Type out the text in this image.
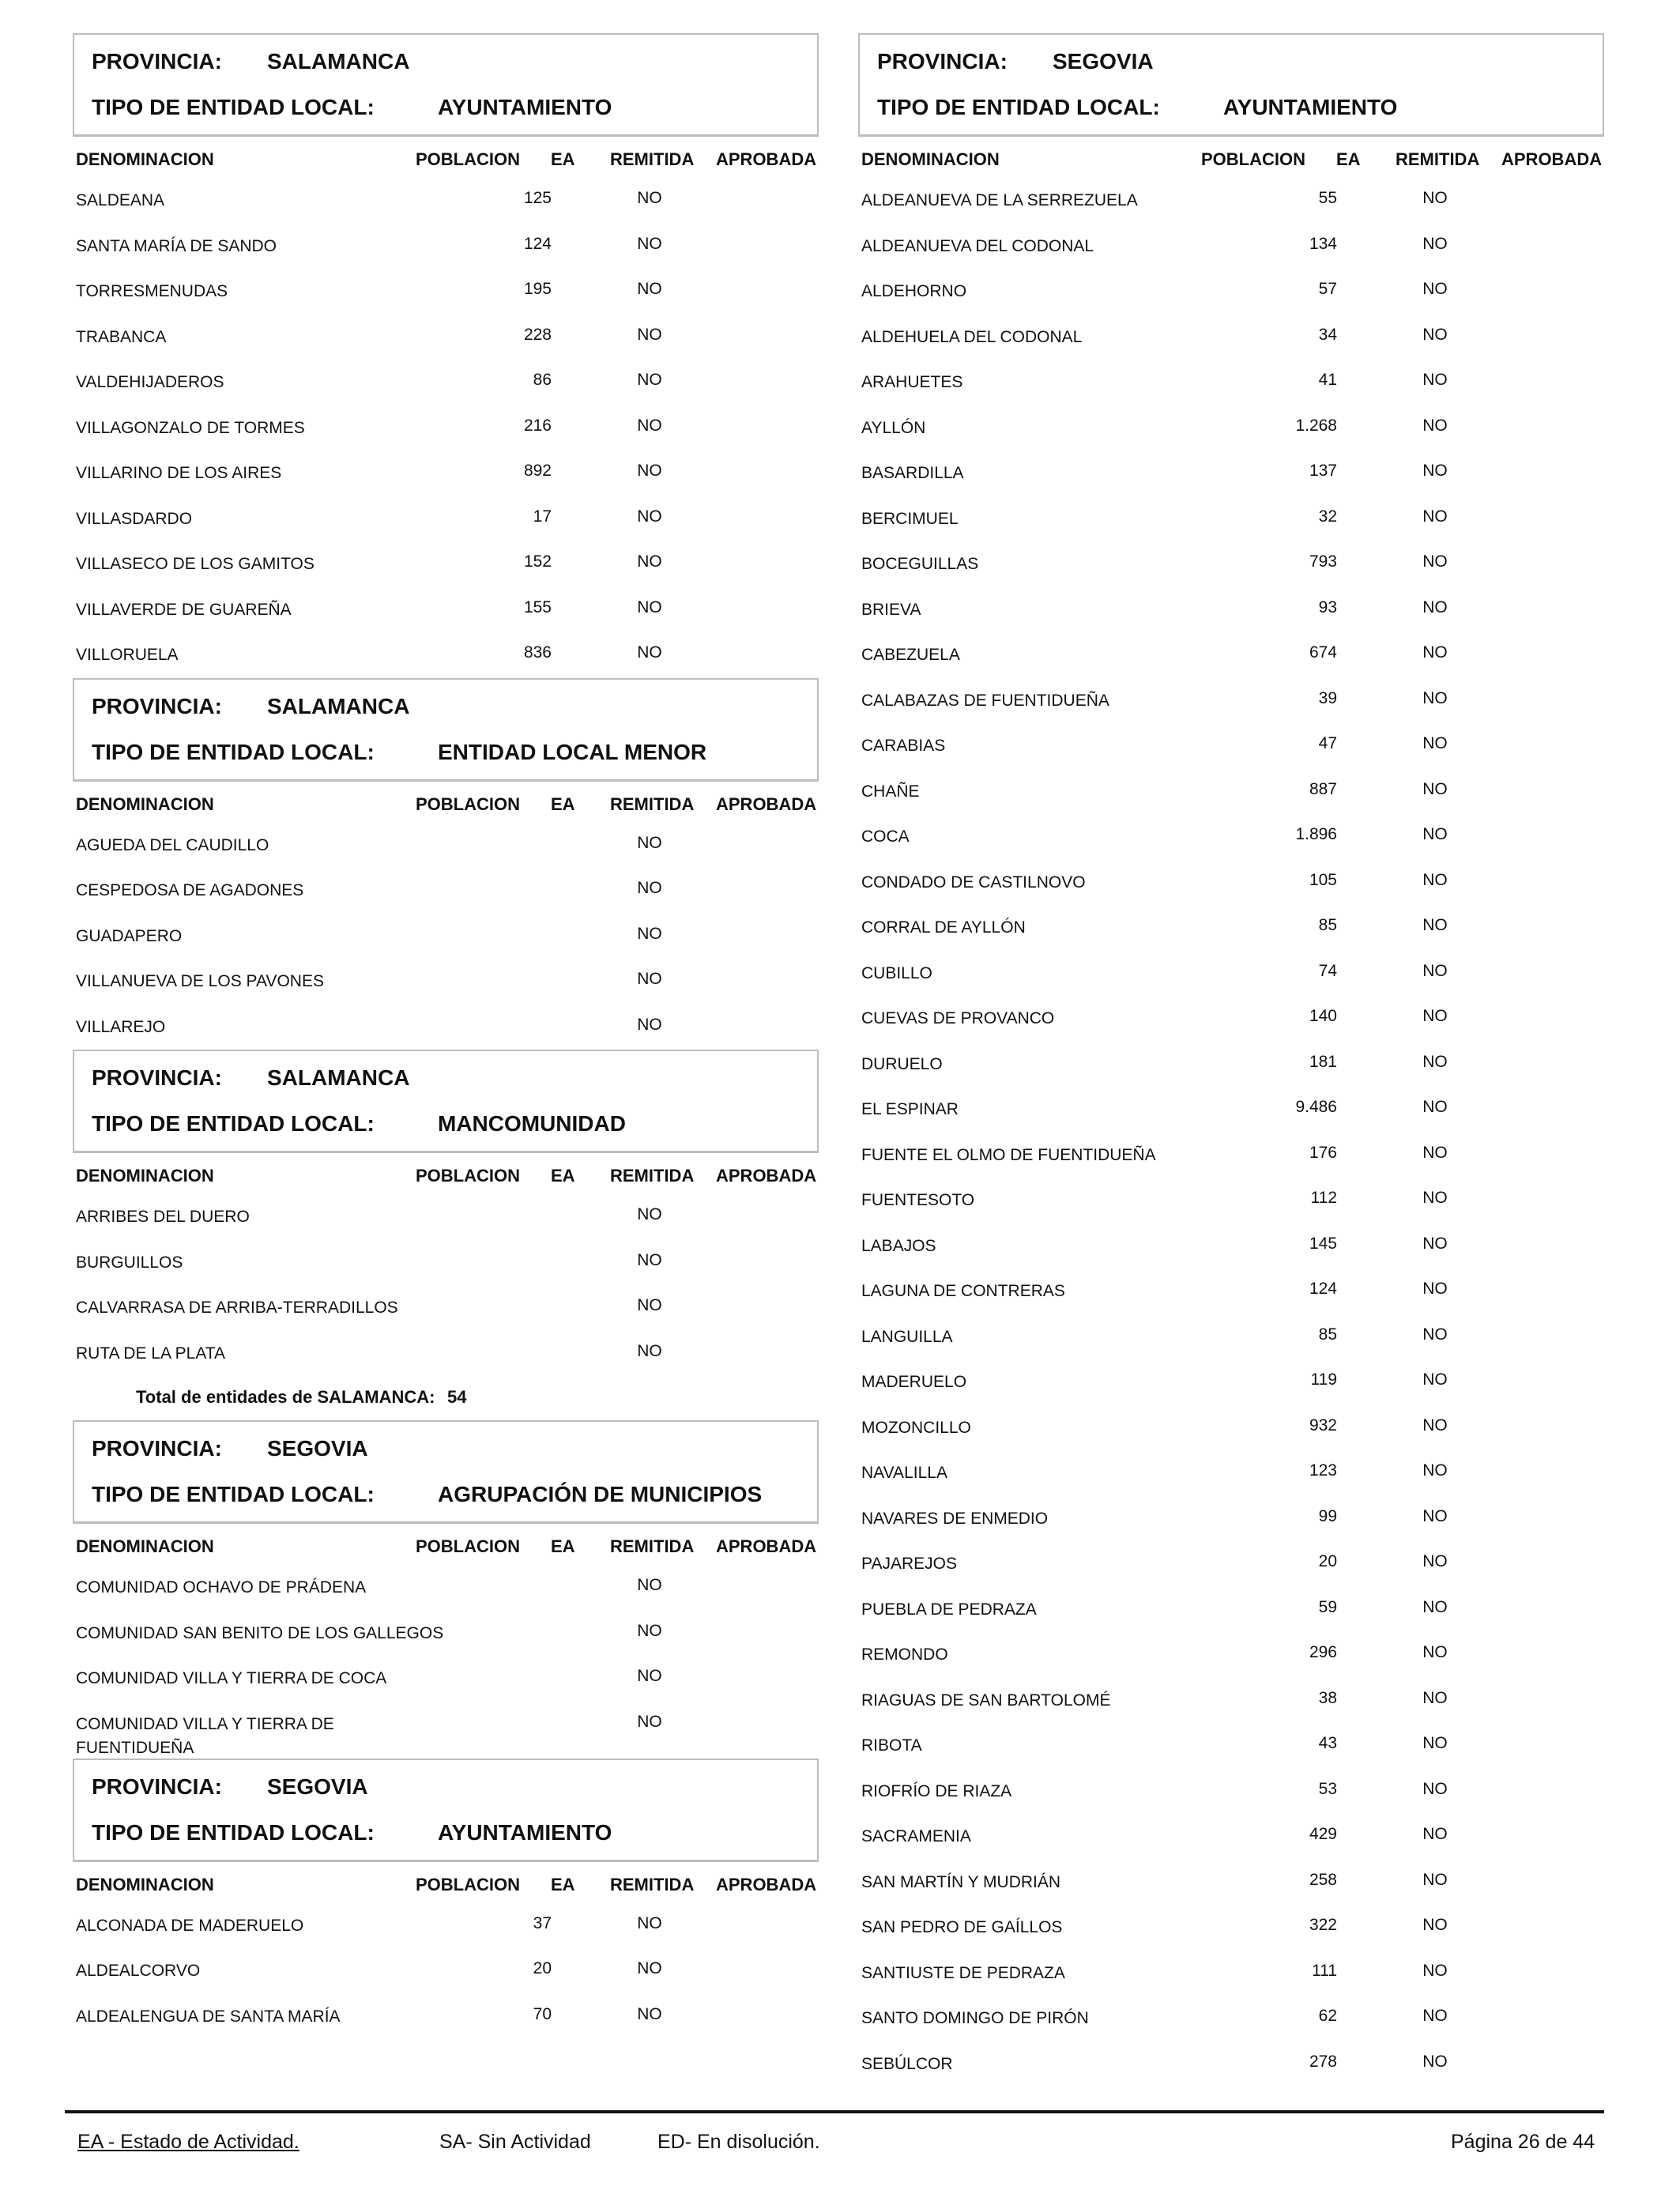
PROVINCIA: SALAMANCA
TIPO DE ENTIDAD LOCAL:	AYUNTAMIENTO
DENOMINACION	POBLACION EA REMITIDA APROBADA
SALDEANA	125	NO
SANTA MARÍA DE SANDO	124	NO
TORRESMENUDAS	195	NO
TRABANCA	228	NO
VALDEHIJADEROS	86	NO
VILLAGONZALO DE TORMES	216	NO
VILLARINO DE LOS AIRES	892	NO
VILLASDARDO	17	NO
VILLASECO DE LOS GAMITOS	152	NO
VILLAVERDE DE GUAREÑA	155	NO
VILLORUELA	836	NO
PROVINCIA: SALAMANCA
TIPO DE ENTIDAD LOCAL:	ENTIDAD LOCAL MENOR
DENOMINACION	POBLACION EA REMITIDA APROBADA
AGUEDA DEL CAUDILLO	NO
CESPEDOSA DE AGADONES	NO
GUADAPERO	NO
VILLANUEVA DE LOS PAVONES	NO
VILLAREJO	NO
PROVINCIA: SALAMANCA
TIPO DE ENTIDAD LOCAL:	MANCOMUNIDAD
DENOMINACION	POBLACION EA REMITIDA APROBADA
ARRIBES DEL DUERO	NO
BURGUILLOS	NO
CALVARRASA DE ARRIBA-TERRADILLOS	NO
RUTA DE LA PLATA	NO
Total de entidades de SALAMANCA: 54
PROVINCIA: SEGOVIA
TIPO DE ENTIDAD LOCAL:	AGRUPACIÓN DE MUNICIPIOS
DENOMINACION	POBLACION EA REMITIDA APROBADA
COMUNIDAD OCHAVO DE PRÁDENA	NO
COMUNIDAD SAN BENITO DE LOS GALLEGOS	NO
COMUNIDAD VILLA Y TIERRA DE COCA	NO
COMUNIDAD VILLA Y TIERRA DE FUENTIDUEÑA
NO
PROVINCIA: SEGOVIA
TIPO DE ENTIDAD LOCAL:	AYUNTAMIENTO
DENOMINACION	POBLACION EA REMITIDA APROBADA
ALCONADA DE MADERUELO	37	NO
ALDEALCORVO	20	NO
ALDEALENGUA DE SANTA MARÍA	70	NO
PROVINCIA: SEGOVIA
TIPO DE ENTIDAD LOCAL:	AYUNTAMIENTO
DENOMINACION	POBLACION EA REMITIDA APROBADA
ALDEANUEVA DE LA SERREZUELA	55	NO
ALDEANUEVA DEL CODONAL	134	NO
ALDEHORNO	57	NO
ALDEHUELA DEL CODONAL	34	NO
ARAHUETES	41	NO
AYLLÓN	1.268	NO
BASARDILLA	137	NO
BERCIMUEL	32	NO
BOCEGUILLAS	793	NO
BRIEVA	93	NO
CABEZUELA	674	NO
CALABAZAS DE FUENTIDUEÑA	39	NO
CARABIAS	47	NO
CHAÑE	887	NO
COCA	1.896	NO
CONDADO DE CASTILNOVO	105	NO
CORRAL DE AYLLÓN	85	NO
CUBILLO	74	NO
CUEVAS DE PROVANCO	140	NO
DURUELO	181	NO
EL ESPINAR	9.486	NO
FUENTE EL OLMO DE FUENTIDUEÑA	176	NO
FUENTESOTO	112	NO
LABAJOS	145	NO
LAGUNA DE CONTRERAS	124	NO
LANGUILLA	85	NO
MADERUELO	119	NO
MOZONCILLO	932	NO
NAVALILLA	123	NO
NAVARES DE ENMEDIO	99	NO
PAJAREJOS	20	NO
PUEBLA DE PEDRAZA	59	NO
REMONDO	296	NO
RIAGUAS DE SAN BARTOLOMÉ	38	NO
RIBOTA	43	NO
RIOFRÍO DE RIAZA	53	NO
SACRAMENIA	429	NO
SAN MARTÍN Y MUDRIÁN	258	NO
SAN PEDRO DE GAÍLLOS	322	NO
SANTIUSTE DE PEDRAZA	111	NO
SANTO DOMINGO DE PIRÓN	62	NO
SEBÚLCOR	278	NO
EA - Estado de Actividad.	SA- Sin Actividad	ED- En disolución.	Página 26 de 44
